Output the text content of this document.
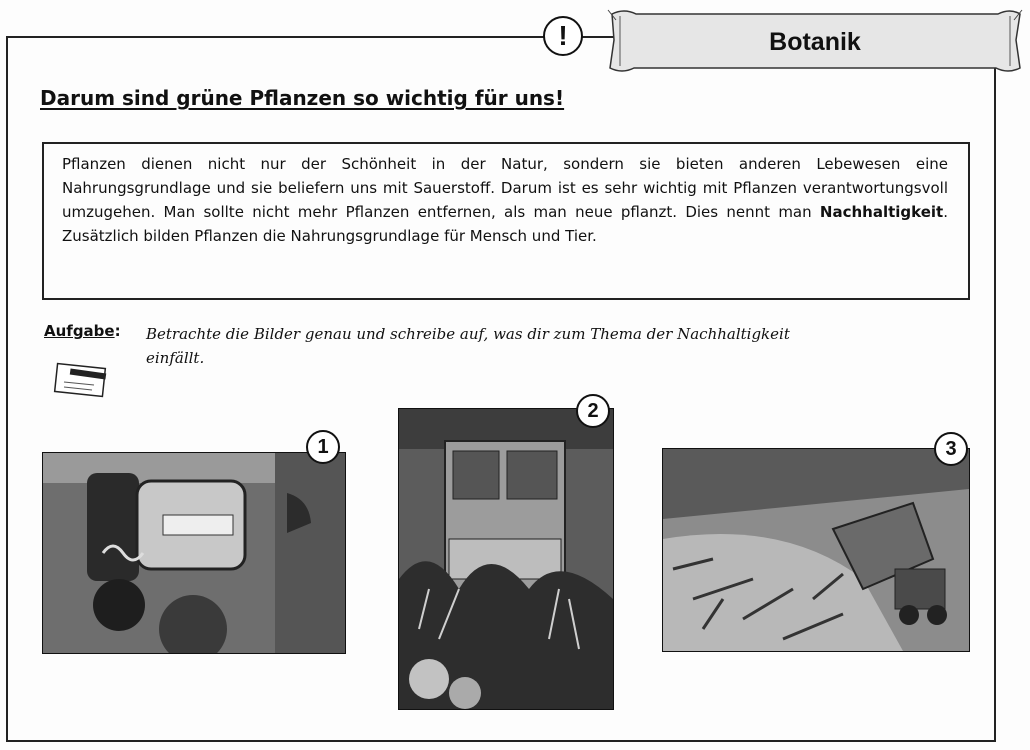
!	Botanik
Darum sind grüne Pflanzen so wichtig für uns!

Pflanzen dienen nicht nur der Schönheit in der Natur, sondern sie bieten anderen Lebewesen eine Nahrungsgrundlage und sie beliefern uns mit Sauerstoff. Darum ist es sehr wichtig mit Pflanzen verantwortungsvoll umzugehen. Man sollte nicht mehr Pflanzen entfernen, als man neue pflanzt. Dies nennt man Nachhaltigkeit. Zusätzlich bilden Pflanzen die Nahrungsgrundlage für Mensch und Tier.

Aufgabe: Betrachte die Bilder genau und schreibe auf, was dir zum Thema der Nachhaltigkeit einfällt.
1
2
3
